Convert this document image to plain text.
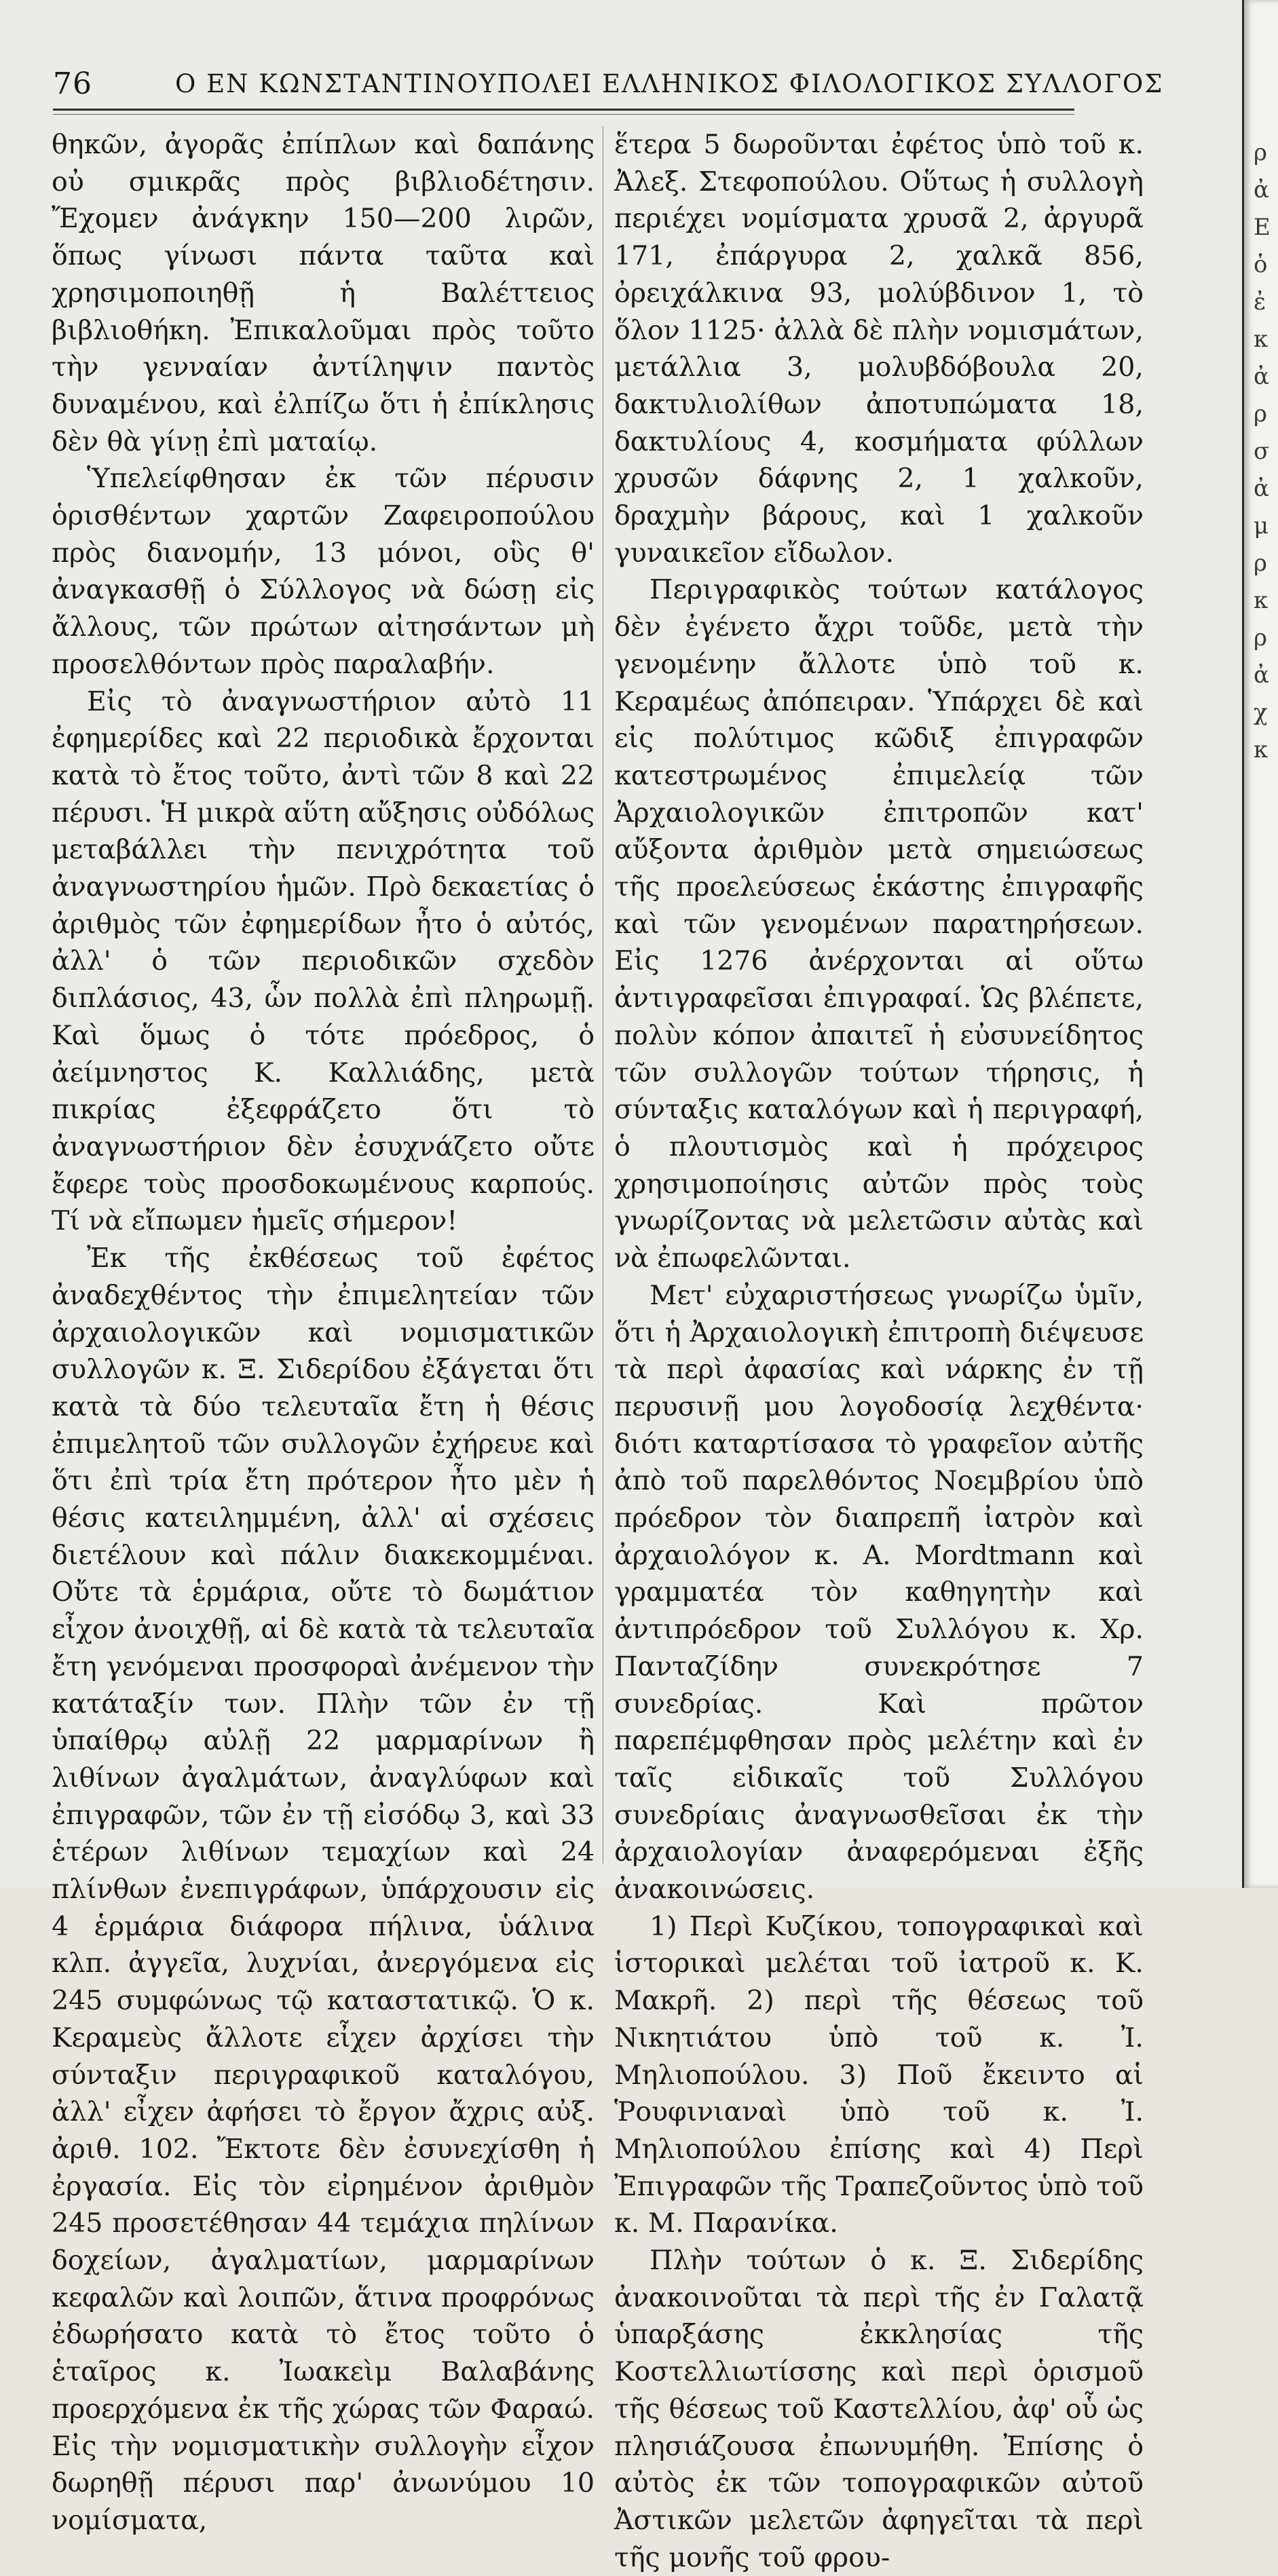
76	Ο ΕΝ ΚΩΝΣΤΑΝΤΙΝΟΥΠΟΛΕΙ ΕΛΛΗΝΙΚΟΣ ΦΙΛΟΛΟΓΙΚΟΣ ΣΥΛΛΟΓΟΣ

θηκῶν, ἀγορᾶς ἐπίπλων καὶ δαπάνης οὐ σμικρᾶς πρὸς βιβλιοδέτησιν. Ἔχομεν ἀνάγκην 150—200 λιρῶν, ὅπως γίνωσι πάντα ταῦτα καὶ χρησιμοποιηθῇ ἡ Βαλέττειος βιβλιοθήκη. Ἐπικαλοῦμαι πρὸς τοῦτο τὴν γενναίαν ἀντίληψιν παντὸς δυναμένου, καὶ ἐλπίζω ὅτι ἡ ἐπίκλησις δὲν θὰ γίνῃ ἐπὶ ματαίῳ.

Ὑπελείφθησαν ἐκ τῶν πέρυσιν ὁρισθέντων χαρτῶν Ζαφειροπούλου πρὸς διανομήν, 13 μόνοι, οὓς θ' ἀναγκασθῇ ὁ Σύλλογος νὰ δώσῃ εἰς ἄλλους, τῶν πρώτων αἰτησάντων μὴ προσελθόντων πρὸς παραλαβήν.

Εἰς τὸ ἀναγνωστήριον αὐτὸ 11 ἐφημερίδες καὶ 22 περιοδικὰ ἔρχονται κατὰ τὸ ἔτος τοῦτο, ἀντὶ τῶν 8 καὶ 22 πέρυσι. Ἡ μικρὰ αὕτη αὔξησις οὐδόλως μεταβάλλει τὴν πενιχρότητα τοῦ ἀναγνωστηρίου ἡμῶν. Πρὸ δεκαετίας ὁ ἀριθμὸς τῶν ἐφημερίδων ἦτο ὁ αὐτός, ἀλλ' ὁ τῶν περιοδικῶν σχεδὸν διπλάσιος, 43, ὧν πολλὰ ἐπὶ πληρωμῇ. Καὶ ὅμως ὁ τότε πρόεδρος, ὁ ἀείμνηστος Κ. Καλλιάδης, μετὰ πικρίας ἐξεφράζετο ὅτι τὸ ἀναγνωστήριον δὲν ἐσυχνάζετο οὔτε ἔφερε τοὺς προσδοκωμένους καρπούς. Τί νὰ εἴπωμεν ἡμεῖς σήμερον!

Ἐκ τῆς ἐκθέσεως τοῦ ἐφέτος ἀναδεχθέντος τὴν ἐπιμελητείαν τῶν ἀρχαιολογικῶν καὶ νομισματικῶν συλλογῶν κ. Ξ. Σιδερίδου ἐξάγεται ὅτι κατὰ τὰ δύο τελευταῖα ἔτη ἡ θέσις ἐπιμελητοῦ τῶν συλλογῶν ἐχήρευε καὶ ὅτι ἐπὶ τρία ἔτη πρότερον ἦτο μὲν ἡ θέσις κατειλημμένη, ἀλλ' αἱ σχέσεις διετέλουν καὶ πάλιν διακεκομμέναι. Οὔτε τὰ ἑρμάρια, οὔτε τὸ δωμάτιον εἶχον ἀνοιχθῇ, αἱ δὲ κατὰ τὰ τελευταῖα ἔτη γενόμεναι προσφοραὶ ἀνέμενον τὴν κατάταξίν των. Πλὴν τῶν ἐν τῇ ὑπαίθρῳ αὐλῇ 22 μαρμαρίνων ἢ λιθίνων ἀγαλμάτων, ἀναγλύφων καὶ ἐπιγραφῶν, τῶν ἐν τῇ εἰσόδῳ 3, καὶ 33 ἑτέρων λιθίνων τεμαχίων καὶ 24 πλίνθων ἐνεπιγράφων, ὑπάρχουσιν εἰς 4 ἑρμάρια διάφορα πήλινα, ὑάλινα κλπ. ἀγγεῖα, λυχνίαι, ἀνεργόμενα εἰς 245 συμφώνως τῷ καταστατικῷ. Ὁ κ. Κεραμεὺς ἄλλοτε εἶχεν ἀρχίσει τὴν σύνταξιν περιγραφικοῦ καταλόγου, ἀλλ' εἶχεν ἀφήσει τὸ ἔργον ἄχρις αὐξ. ἀριθ. 102. Ἔκτοτε δὲν ἐσυνεχίσθη ἡ ἐργασία. Εἰς τὸν εἰρημένον ἀριθμὸν 245 προσετέθησαν 44 τεμάχια πηλίνων δοχείων, ἀγαλματίων, μαρμαρίνων κεφαλῶν καὶ λοιπῶν, ἅτινα προφρόνως ἐδωρήσατο κατὰ τὸ ἔτος τοῦτο ὁ ἑταῖρος κ. Ἰωακεὶμ Βαλαβάνης προερχόμενα ἐκ τῆς χώρας τῶν Φαραώ. Εἰς τὴν νομισματικὴν συλλογὴν εἶχον δωρηθῇ πέρυσι παρ' ἀνωνύμου 10 νομίσματα,

ἕτερα 5 δωροῦνται ἐφέτος ὑπὸ τοῦ κ. Ἀλεξ. Στεφοπούλου. Οὕτως ἡ συλλογὴ περιέχει νομίσματα χρυσᾶ 2, ἀργυρᾶ 171, ἐπάργυρα 2, χαλκᾶ 856, ὀρειχάλκινα 93, μολύβδινον 1, τὸ ὅλον 1125· ἀλλὰ δὲ πλὴν νομισμάτων, μετάλλια 3, μολυβδόβουλα 20, δακτυλιολίθων ἀποτυπώματα 18, δακτυλίους 4, κοσμήματα φύλλων χρυσῶν δάφνης 2, 1 χαλκοῦν, δραχμὴν βάρους, καὶ 1 χαλκοῦν γυναικεῖον εἴδωλον.

Περιγραφικὸς τούτων κατάλογος δὲν ἐγένετο ἄχρι τοῦδε, μετὰ τὴν γενομένην ἄλλοτε ὑπὸ τοῦ κ. Κεραμέως ἀπόπειραν. Ὑπάρχει δὲ καὶ εἰς πολύτιμος κῶδιξ ἐπιγραφῶν κατεστρωμένος ἐπιμελείᾳ τῶν Ἀρχαιολογικῶν ἐπιτροπῶν κατ' αὔξοντα ἀριθμὸν μετὰ σημειώσεως τῆς προελεύσεως ἑκάστης ἐπιγραφῆς καὶ τῶν γενομένων παρατηρήσεων. Εἰς 1276 ἀνέρχονται αἱ οὕτω ἀντιγραφεῖσαι ἐπιγραφαί. Ὡς βλέπετε, πολὺν κόπον ἀπαιτεῖ ἡ εὐσυνείδητος τῶν συλλογῶν τούτων τήρησις, ἡ σύνταξις καταλόγων καὶ ἡ περιγραφή, ὁ πλουτισμὸς καὶ ἡ πρόχειρος χρησιμοποίησις αὐτῶν πρὸς τοὺς γνωρίζοντας νὰ μελετῶσιν αὐτὰς καὶ νὰ ἐπωφελῶνται.

Μετ' εὐχαριστήσεως γνωρίζω ὑμῖν, ὅτι ἡ Ἀρχαιολογικὴ ἐπιτροπὴ διέψευσε τὰ περὶ ἀφασίας καὶ νάρκης ἐν τῇ περυσινῇ μου λογοδοσίᾳ λεχθέντα· διότι καταρτίσασα τὸ γραφεῖον αὐτῆς ἀπὸ τοῦ παρελθόντος Νοεμβρίου ὑπὸ πρόεδρον τὸν διαπρεπῆ ἰατρὸν καὶ ἀρχαιολόγον κ. A. Mordtmann καὶ γραμματέα τὸν καθηγητὴν καὶ ἀντιπρόεδρον τοῦ Συλλόγου κ. Χρ. Πανταζίδην συνεκρότησε 7 συνεδρίας. Καὶ πρῶτον παρεπέμφθησαν πρὸς μελέτην καὶ ἐν ταῖς εἰδικαῖς τοῦ Συλλόγου συνεδρίαις ἀναγνωσθεῖσαι ἐκ τὴν ἀρχαιολογίαν ἀναφερόμεναι ἐξῆς ἀνακοινώσεις.

1) Περὶ Κυζίκου, τοπογραφικαὶ καὶ ἱστορικαὶ μελέται τοῦ ἰατροῦ κ. Κ. Μακρῆ. 2) περὶ τῆς θέσεως τοῦ Νικητιάτου ὑπὸ τοῦ κ. Ἰ. Μηλιοπούλου. 3) Ποῦ ἔκειντο αἱ Ῥουφινιαναὶ ὑπὸ τοῦ κ. Ἰ. Μηλιοπούλου ἐπίσης καὶ 4) Περὶ Ἐπιγραφῶν τῆς Τραπεζοῦντος ὑπὸ τοῦ κ. Μ. Παρανίκα.

Πλὴν τούτων ὁ κ. Ξ. Σιδερίδης ἀνακοινοῦται τὰ περὶ τῆς ἐν Γαλατᾷ ὑπαρξάσης ἐκκλησίας τῆς Κοστελλιωτίσσης καὶ περὶ ὁρισμοῦ τῆς θέσεως τοῦ Καστελλίου, ἀφ' οὗ ὡς πλησιάζουσα ἐπωνυμήθη. Ἐπίσης ὁ αὐτὸς ἐκ τῶν τοπογραφικῶν αὐτοῦ Ἀστικῶν μελετῶν ἀφηγεῖται τὰ περὶ τῆς μονῆς τοῦ φρου-

ρ
ἀ
Ε
ὁ
ἐ
κ
ἀ
ρ
σ
ἀ
μ
ρ
κ
ρ
ἀ
χ
κ
